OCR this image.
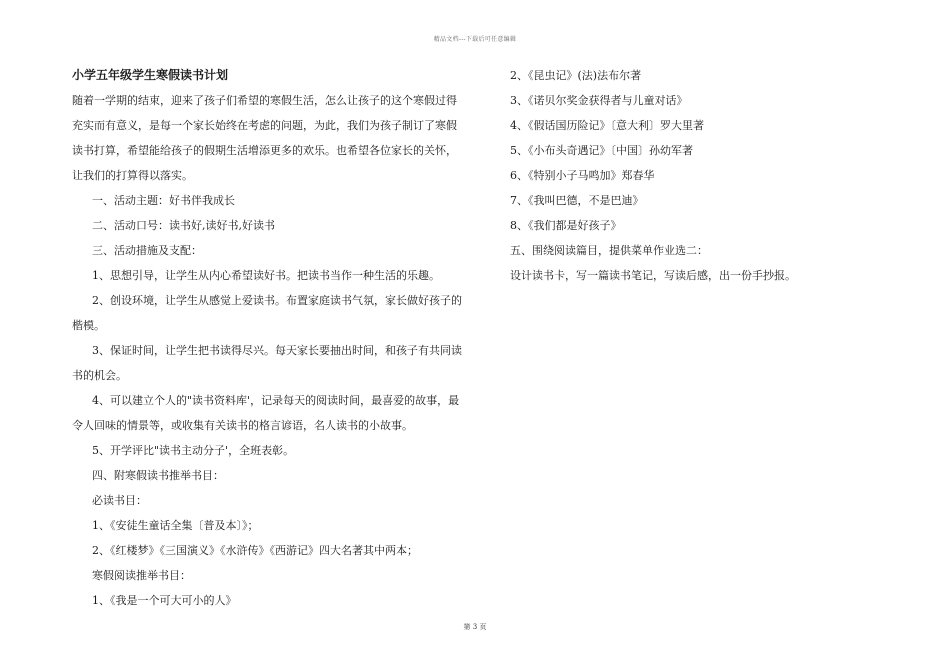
精品文档---下载后可任意编辑

小学五年级学生寒假读书计划

随着一学期的结束，迎来了孩子们希望的寒假生活，怎么让孩子的这个寒假过得充实而有意义，是每一个家长始终在考虑的问题，为此，我们为孩子制订了寒假读书打算，希望能给孩子的假期生活增添更多的欢乐。也希望各位家长的关怀，让我们的打算得以落实。

一、活动主题：好书伴我成长

二、活动口号：读书好,读好书,好读书

三、活动措施及支配：

1、思想引导，让学生从内心希望读好书。把读书当作一种生活的乐趣。

2、创设环境，让学生从感觉上爱读书。布置家庭读书气氛，家长做好孩子的楷模。

3、保证时间，让学生把书读得尽兴。每天家长要抽出时间，和孩子有共同读书的机会。

4、可以建立个人的"读书资料库'，记录每天的阅读时间，最喜爱的故事，最令人回味的情景等，或收集有关读书的格言谚语，名人读书的小故事。

5、开学评比"读书主动分子'，全班表彰。

四、附寒假读书推举书目：

必读书目：

1、《安徒生童话全集〔普及本〕》；

2、《红楼梦》《三国演义》《水浒传》《西游记》四大名著其中两本；

寒假阅读推举书目：

1、《我是一个可大可小的人》

2、《昆虫记》(法)法布尔著

3、《诺贝尔奖金获得者与儿童对话》

4、《假话国历险记》〔意大利〕罗大里著

5、《小布头奇遇记》〔中国〕孙幼军著

6、《特别小子马鸣加》郑春华

7、《我叫巴德，不是巴迪》

8、《我们都是好孩子》

五、围绕阅读篇目，提供菜单作业选二：

设计读书卡，写一篇读书笔记，写读后感，出一份手抄报。

第 3 页
